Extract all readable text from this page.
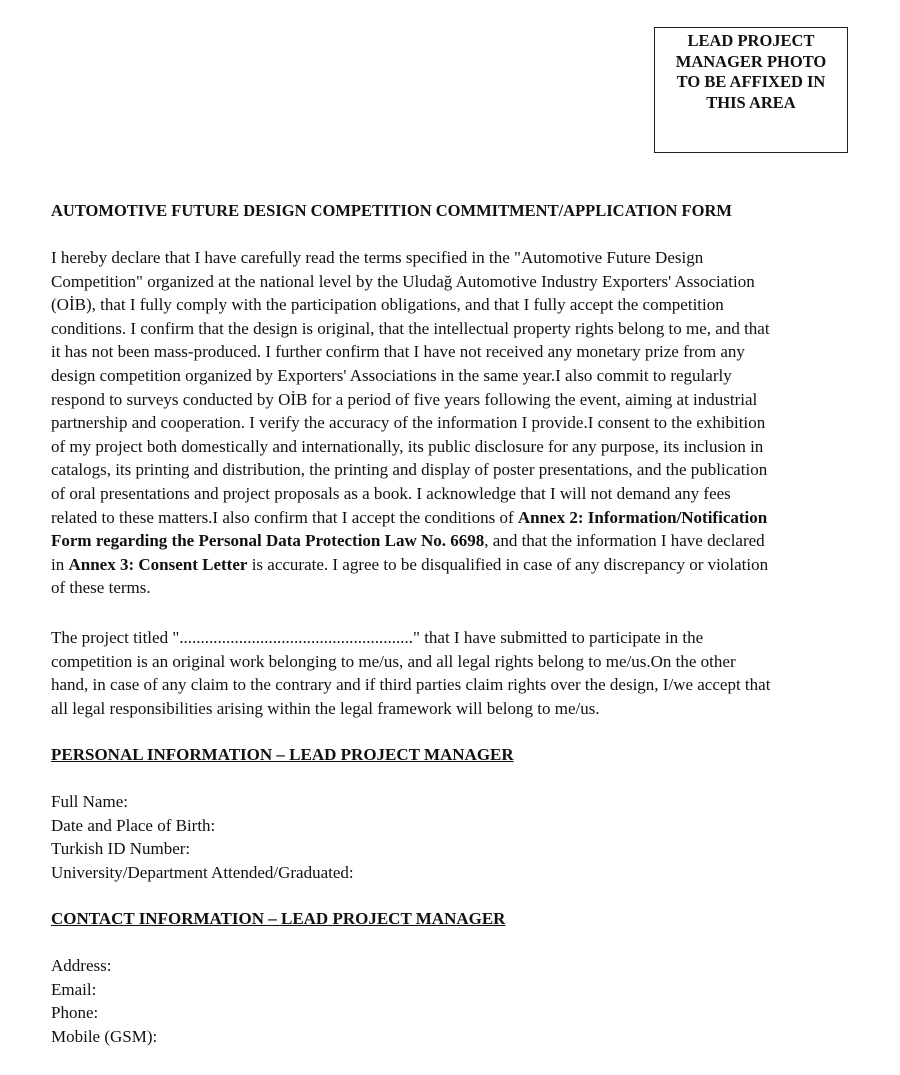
LEAD PROJECT
MANAGER PHOTO
TO BE AFFIXED IN
THIS AREA
AUTOMOTIVE FUTURE DESIGN COMPETITION COMMITMENT/APPLICATION FORM

I hereby declare that I have carefully read the terms specified in the "Automotive Future Design
Competition" organized at the national level by the Uludağ Automotive Industry Exporters' Association
(OİB), that I fully comply with the participation obligations, and that I fully accept the competition
conditions. I confirm that the design is original, that the intellectual property rights belong to me, and that
it has not been mass-produced. I further confirm that I have not received any monetary prize from any
design competition organized by Exporters' Associations in the same year.I also commit to regularly
respond to surveys conducted by OİB for a period of five years following the event, aiming at industrial
partnership and cooperation. I verify the accuracy of the information I provide.I consent to the exhibition
of my project both domestically and internationally, its public disclosure for any purpose, its inclusion in
catalogs, its printing and distribution, the printing and display of poster presentations, and the publication
of oral presentations and project proposals as a book. I acknowledge that I will not demand any fees
related to these matters.I also confirm that I accept the conditions of Annex 2: Information/Notification
Form regarding the Personal Data Protection Law No. 6698, and that the information I have declared
in Annex 3: Consent Letter is accurate. I agree to be disqualified in case of any discrepancy or violation
of these terms.

The project titled "......................................................." that I have submitted to participate in the
competition is an original work belonging to me/us, and all legal rights belong to me/us.On the other
hand, in case of any claim to the contrary and if third parties claim rights over the design, I/we accept that
all legal responsibilities arising within the legal framework will belong to me/us.

PERSONAL INFORMATION – LEAD PROJECT MANAGER
Full Name:
Date and Place of Birth:
Turkish ID Number:
University/Department Attended/Graduated:
CONTACT INFORMATION – LEAD PROJECT MANAGER
Address:
Email:
Phone:
Mobile (GSM):
